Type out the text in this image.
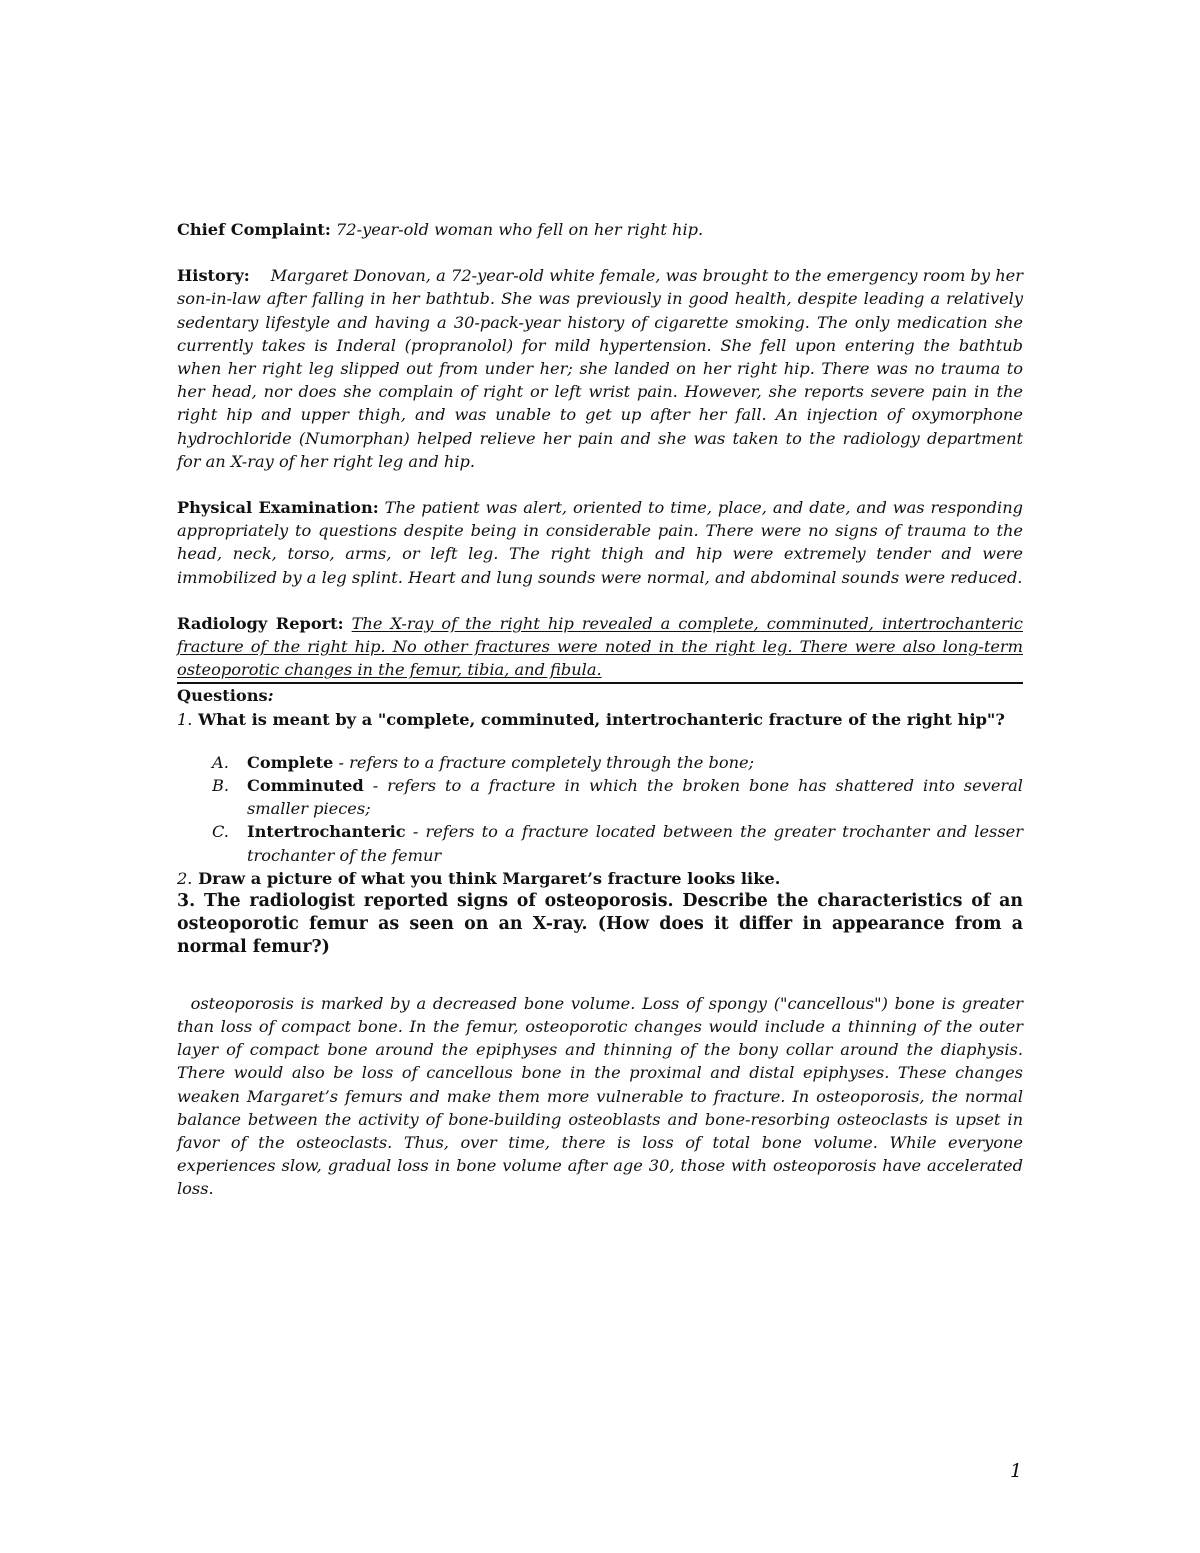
Chief Complaint: 72-year-old woman who fell on her right hip.

History: Margaret Donovan, a 72-year-old white female, was brought to the emergency room by her son-in-law after falling in her bathtub. She was previously in good health, despite leading a relatively sedentary lifestyle and having a 30-pack-year history of cigarette smoking. The only medication she currently takes is Inderal (propranolol) for mild hypertension. She fell upon entering the bathtub when her right leg slipped out from under her; she landed on her right hip. There was no trauma to her head, nor does she complain of right or left wrist pain. However, she reports severe pain in the right hip and upper thigh, and was unable to get up after her fall. An injection of oxymorphone hydrochloride (Numorphan) helped relieve her pain and she was taken to the radiology department for an X-ray of her right leg and hip.

Physical Examination: The patient was alert, oriented to time, place, and date, and was responding appropriately to questions despite being in considerable pain. There were no signs of trauma to the head, neck, torso, arms, or left leg. The right thigh and hip were extremely tender and were immobilized by a leg splint. Heart and lung sounds were normal, and abdominal sounds were reduced.

Radiology Report: The X-ray of the right hip revealed a complete, comminuted, intertrochanteric fracture of the right hip. No other fractures were noted in the right leg. There were also long-term osteoporotic changes in the femur, tibia, and fibula.

Questions:

1. What is meant by a "complete, comminuted, intertrochanteric fracture of the right hip"?

A. Complete - refers to a fracture completely through the bone;
B. Comminuted - refers to a fracture in which the broken bone has shattered into several smaller pieces;
C. Intertrochanteric - refers to a fracture located between the greater trochanter and lesser trochanter of the femur

2. Draw a picture of what you think Margaret’s fracture looks like.

3. The radiologist reported signs of osteoporosis. Describe the characteristics of an osteoporotic femur as seen on an X-ray. (How does it differ in appearance from a normal femur?)

osteoporosis is marked by a decreased bone volume. Loss of spongy ("cancellous") bone is greater than loss of compact bone. In the femur, osteoporotic changes would include a thinning of the outer layer of compact bone around the epiphyses and thinning of the bony collar around the diaphysis. There would also be loss of cancellous bone in the proximal and distal epiphyses. These changes weaken Margaret’s femurs and make them more vulnerable to fracture. In osteoporosis, the normal balance between the activity of bone-building osteoblasts and bone-resorbing osteoclasts is upset in favor of the osteoclasts. Thus, over time, there is loss of total bone volume. While everyone experiences slow, gradual loss in bone volume after age 30, those with osteoporosis have accelerated loss.

1
